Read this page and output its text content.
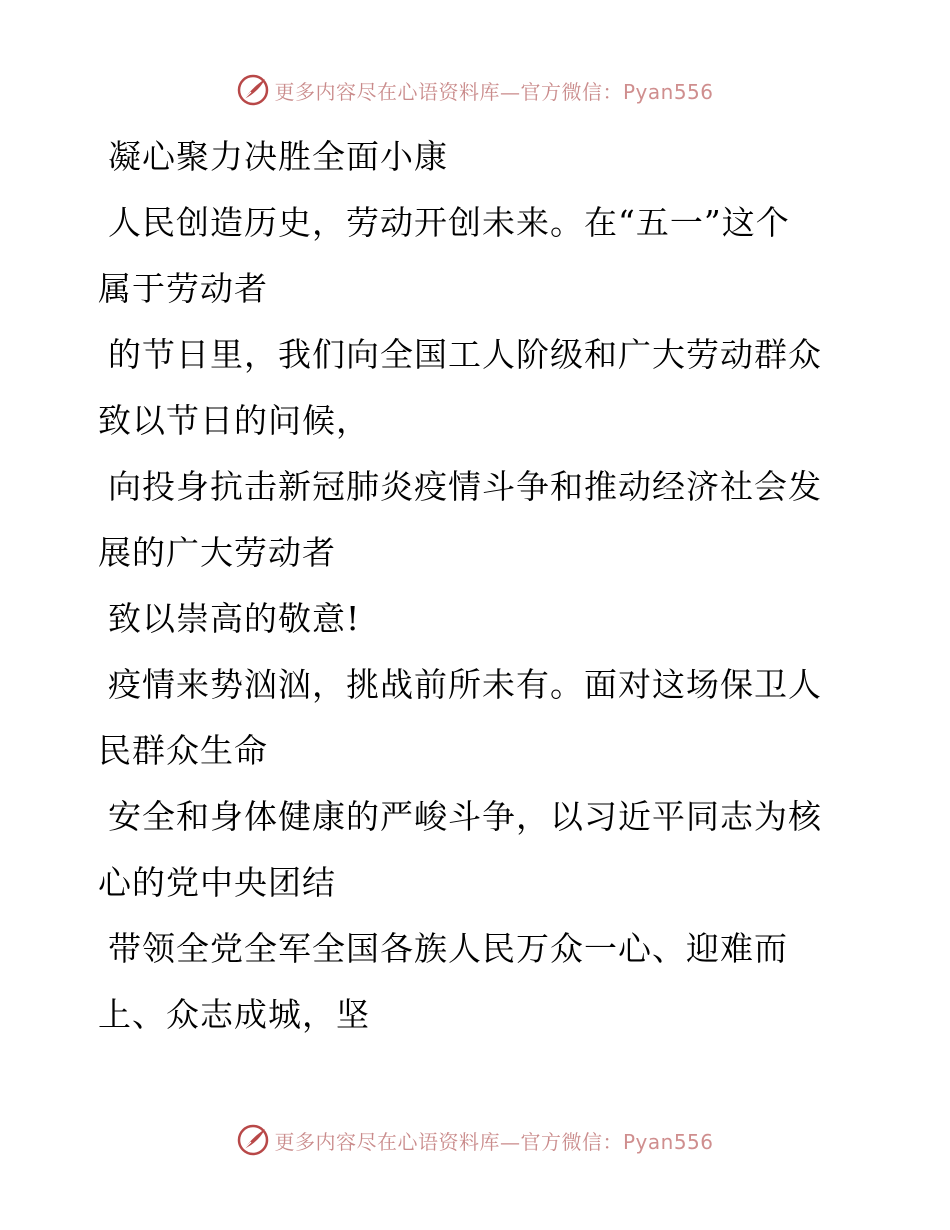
更多内容尽在心语资料库—官方微信：Pyan556

凝心聚力决胜全面小康

人民创造历史，劳动开创未来。在“五一”这个

属于劳动者

的节日里，我们向全国工人阶级和广大劳动群众

致以节日的问候，

向投身抗击新冠肺炎疫情斗争和推动经济社会发

展的广大劳动者

致以崇高的敬意!

疫情来势汹汹，挑战前所未有。面对这场保卫人

民群众生命

安全和身体健康的严峻斗争，以习近平同志为核

心的党中央团结

带领全党全军全国各族人民万众一心、迎难而

上、众志成城，坚

更多内容尽在心语资料库—官方微信：Pyan556
